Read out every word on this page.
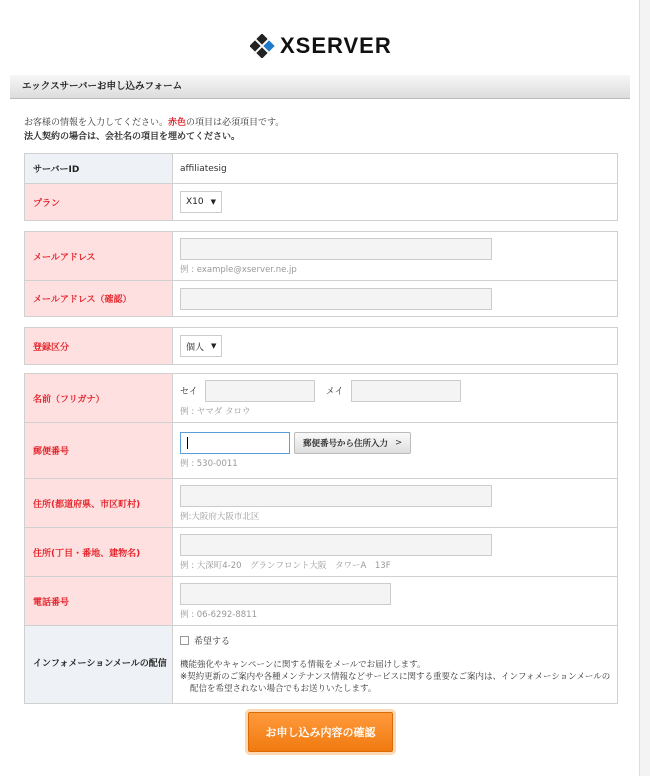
XSERVER
エックスサーバーお申し込みフォーム
お客様の情報を入力してください。赤色の項目は必須項目です。
法人契約の場合は、会社名の項目を埋めてください。
サーバーID	affiliatesig
プラン	X10 ▼
メールアドレス	例 : example@xserver.ne.jp

メールアドレス（確認）	
登録区分	個人 ▼
名前（フリガナ）	セイ メイ
例 : ヤマダ タロウ

郵便番号	郵便番号から住所入力 >
例 : 530-0011

住所(都道府県、市区町村)	例:大阪府大阪市北区

住所(丁目・番地、建物名)	例 : 大深町4-20　グランフロント大阪　タワーA　13F

電話番号	例 : 06-6292-8811

インフォメーションメールの配信	希望する
機能強化やキャンペーンに関する情報をメールでお届けします。
※契約更新のご案内や各種メンテナンス情報などサービスに関する重要なご案内は、インフォメーションメールの
配信を希望されない場合でもお送りいたします。
お申し込み内容の確認
